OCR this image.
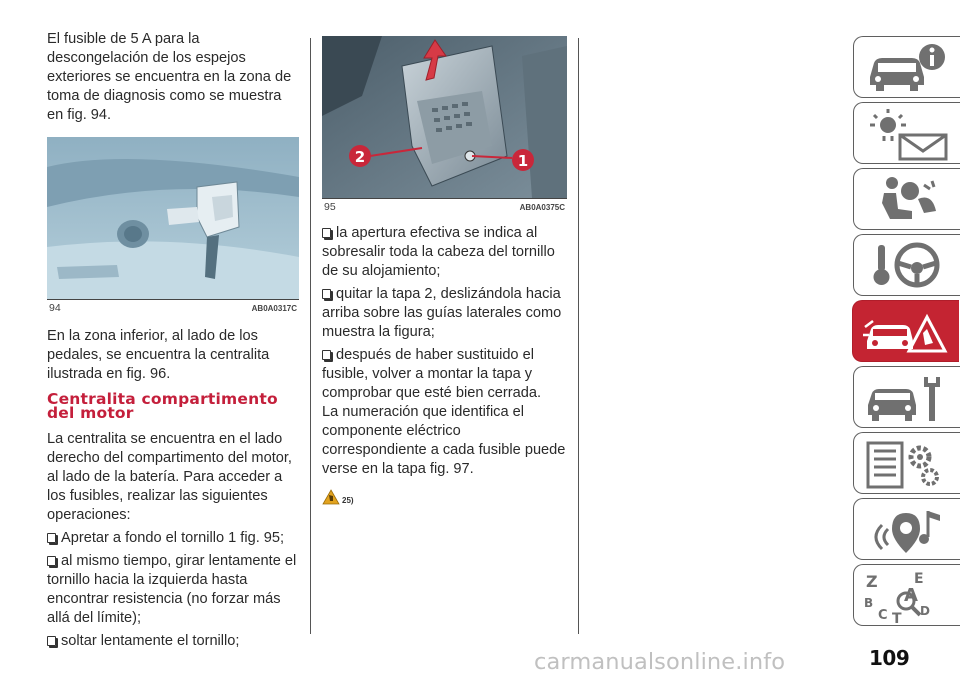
El fusible de 5 A para la descongelación de los espejos exteriores se encuentra en la zona de toma de diagnosis como se muestra en fig. 94.

94	AB0A0317C

En la zona inferior, al lado de los pedales, se encuentra la centralita ilustrada en fig. 96.

Centralita compartimento del motor

La centralita se encuentra en el lado derecho del compartimento del motor, al lado de la batería. Para acceder a los fusibles, realizar las siguientes operaciones:

Apretar a fondo el tornillo 1 fig. 95;

al mismo tiempo, girar lentamente el tornillo hacia la izquierda hasta encontrar resistencia (no forzar más allá del límite);

soltar lentamente el tornillo;

2	1
95	AB0A0375C

la apertura efectiva se indica al sobresalir toda la cabeza del tornillo de su alojamiento;

quitar la tapa 2, deslizándola hacia arriba sobre las guías laterales como muestra la figura;

después de haber sustituido el fusible, volver a montar la tapa y comprobar que esté bien cerrada.

La numeración que identifica el componente eléctrico correspondiente a cada fusible puede verse en la tapa fig. 97.

25)
Z	E
A
B
C T D
carmanualsonline.info	109
